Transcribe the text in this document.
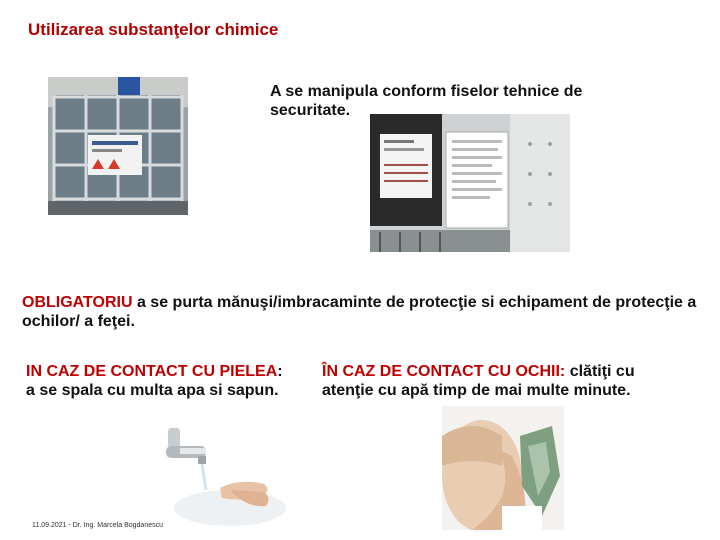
Utilizarea substanţelor chimice
A se manipula conform fiselor tehnice de securitate.
OBLIGATORIU a se purta mănuşi/imbracaminte de protecţie si echipament de protecţie a ochilor/ a feţei.
IN CAZ DE CONTACT CU PIELEA: a se spala cu multa apa si sapun.
ÎN CAZ DE CONTACT CU OCHII: clătiţi cu atenţie cu apă timp de mai multe minute.
11.09.2021 - Dr. Ing. Marcela Bogdanescu
